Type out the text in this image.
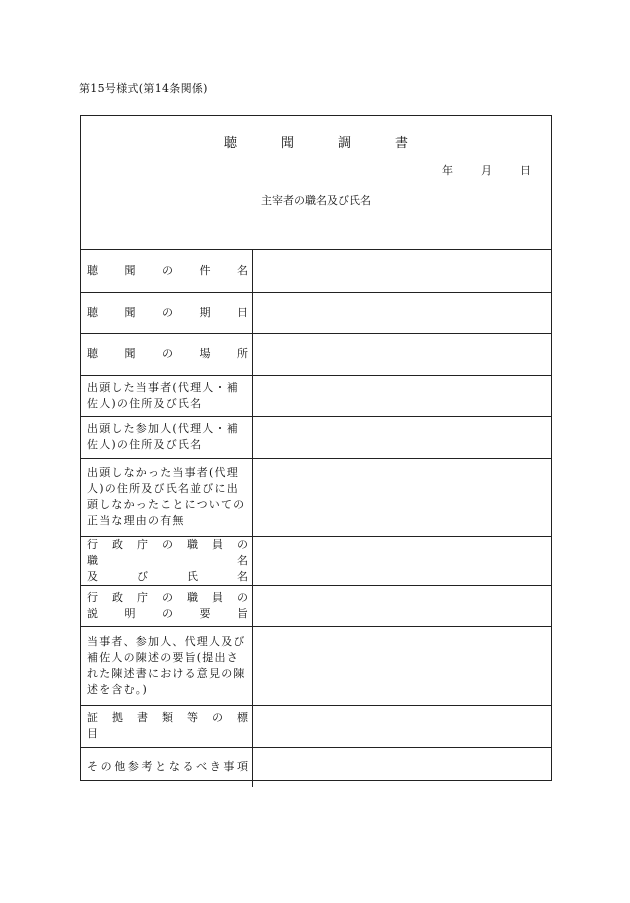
第15号様式(第14条関係)
聴	聞	調	書
年	月	日
主宰者の職名及び氏名
聴　聞　の　件　名	
聴　聞　の　期　日	
聴　聞　の　場　所	
出頭した当事者(代理人・補佐人)の住所及び氏名	
出頭した参加人(代理人・補佐人)の住所及び氏名	
出頭しなかった当事者(代理人)の住所及び氏名並びに出頭しなかったことについての正当な理由の有無	

行　政　庁　の　職　員　の　職　名
及　び　氏　名	

行　政　庁　の　職　員　の
説　明　の　要　旨	

当事者、参加人、代理人及び補佐人の陳述の要旨(提出された陳述書における意見の陳述を含む。)	
証　拠　書　類　等　の　標　目	
その他参考となるべき事項	
